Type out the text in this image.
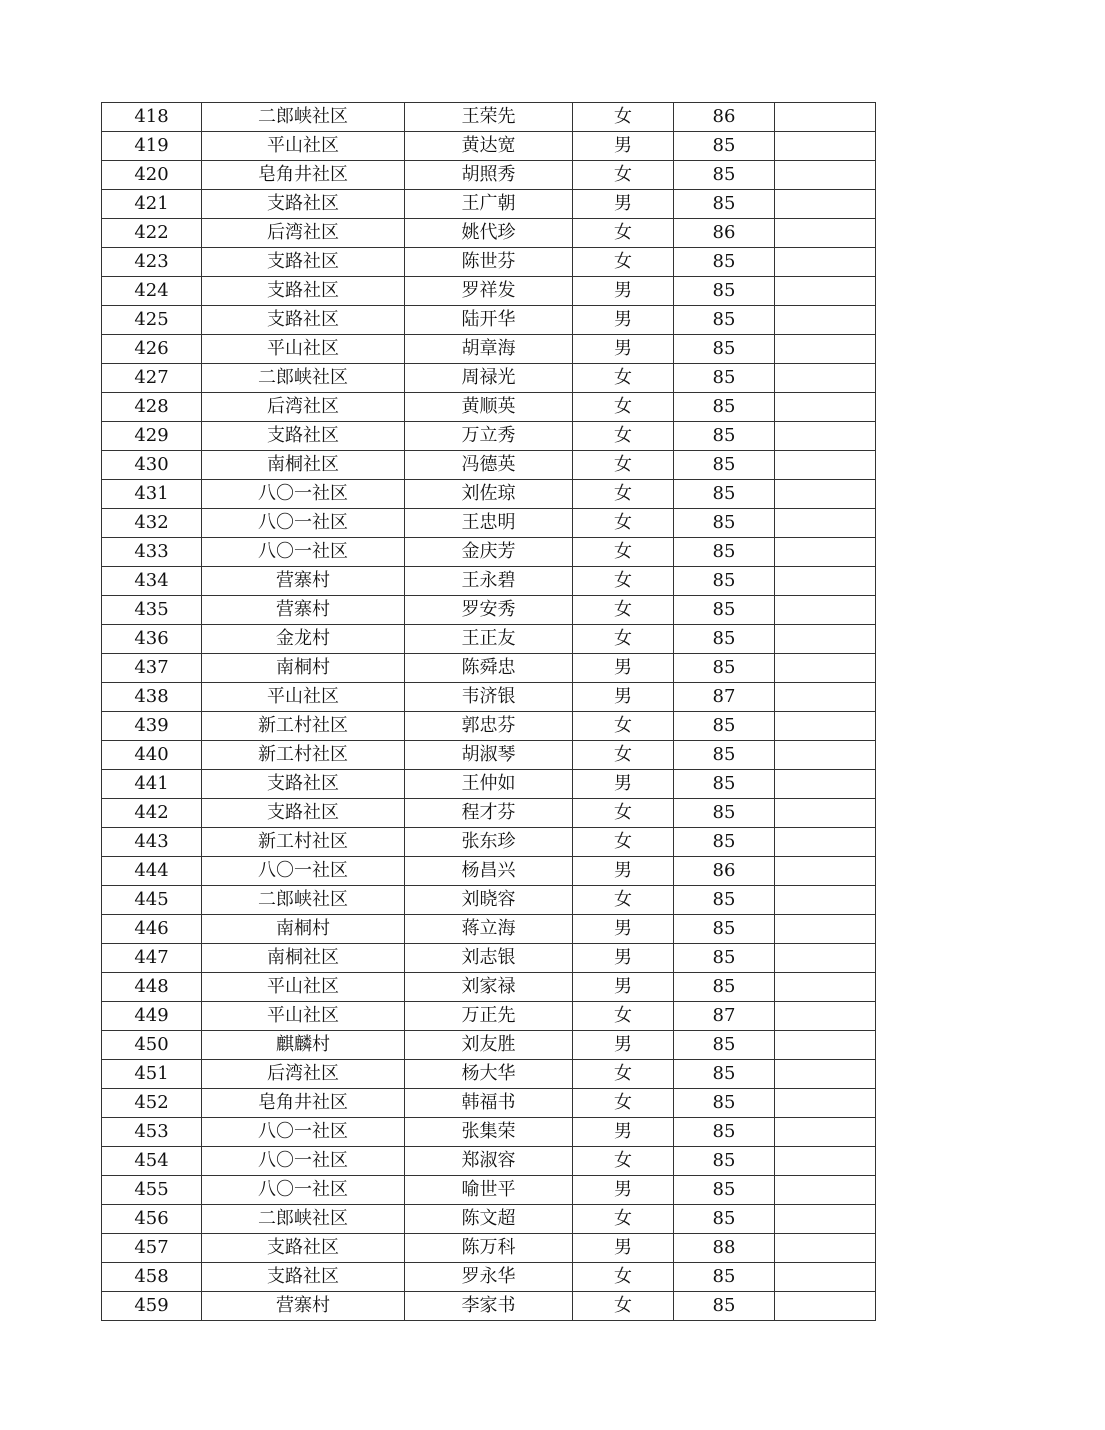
418	二郎峡社区	王荣先	女	86	
419	平山社区	黄达宽	男	85	
420	皂角井社区	胡照秀	女	85	
421	支路社区	王广朝	男	85	
422	后湾社区	姚代珍	女	86	
423	支路社区	陈世芬	女	85	
424	支路社区	罗祥发	男	85	
425	支路社区	陆开华	男	85	
426	平山社区	胡章海	男	85	
427	二郎峡社区	周禄光	女	85	
428	后湾社区	黄顺英	女	85	
429	支路社区	万立秀	女	85	
430	南桐社区	冯德英	女	85	
431	八〇一社区	刘佐琼	女	85	
432	八〇一社区	王忠明	女	85	
433	八〇一社区	金庆芳	女	85	
434	营寨村	王永碧	女	85	
435	营寨村	罗安秀	女	85	
436	金龙村	王正友	女	85	
437	南桐村	陈舜忠	男	85	
438	平山社区	韦济银	男	87	
439	新工村社区	郭忠芬	女	85	
440	新工村社区	胡淑琴	女	85	
441	支路社区	王仲如	男	85	
442	支路社区	程才芬	女	85	
443	新工村社区	张东珍	女	85	
444	八〇一社区	杨昌兴	男	86	
445	二郎峡社区	刘晓容	女	85	
446	南桐村	蒋立海	男	85	
447	南桐社区	刘志银	男	85	
448	平山社区	刘家禄	男	85	
449	平山社区	万正先	女	87	
450	麒麟村	刘友胜	男	85	
451	后湾社区	杨大华	女	85	
452	皂角井社区	韩福书	女	85	
453	八〇一社区	张集荣	男	85	
454	八〇一社区	郑淑容	女	85	
455	八〇一社区	喻世平	男	85	
456	二郎峡社区	陈文超	女	85	
457	支路社区	陈万科	男	88	
458	支路社区	罗永华	女	85	
459	营寨村	李家书	女	85	
